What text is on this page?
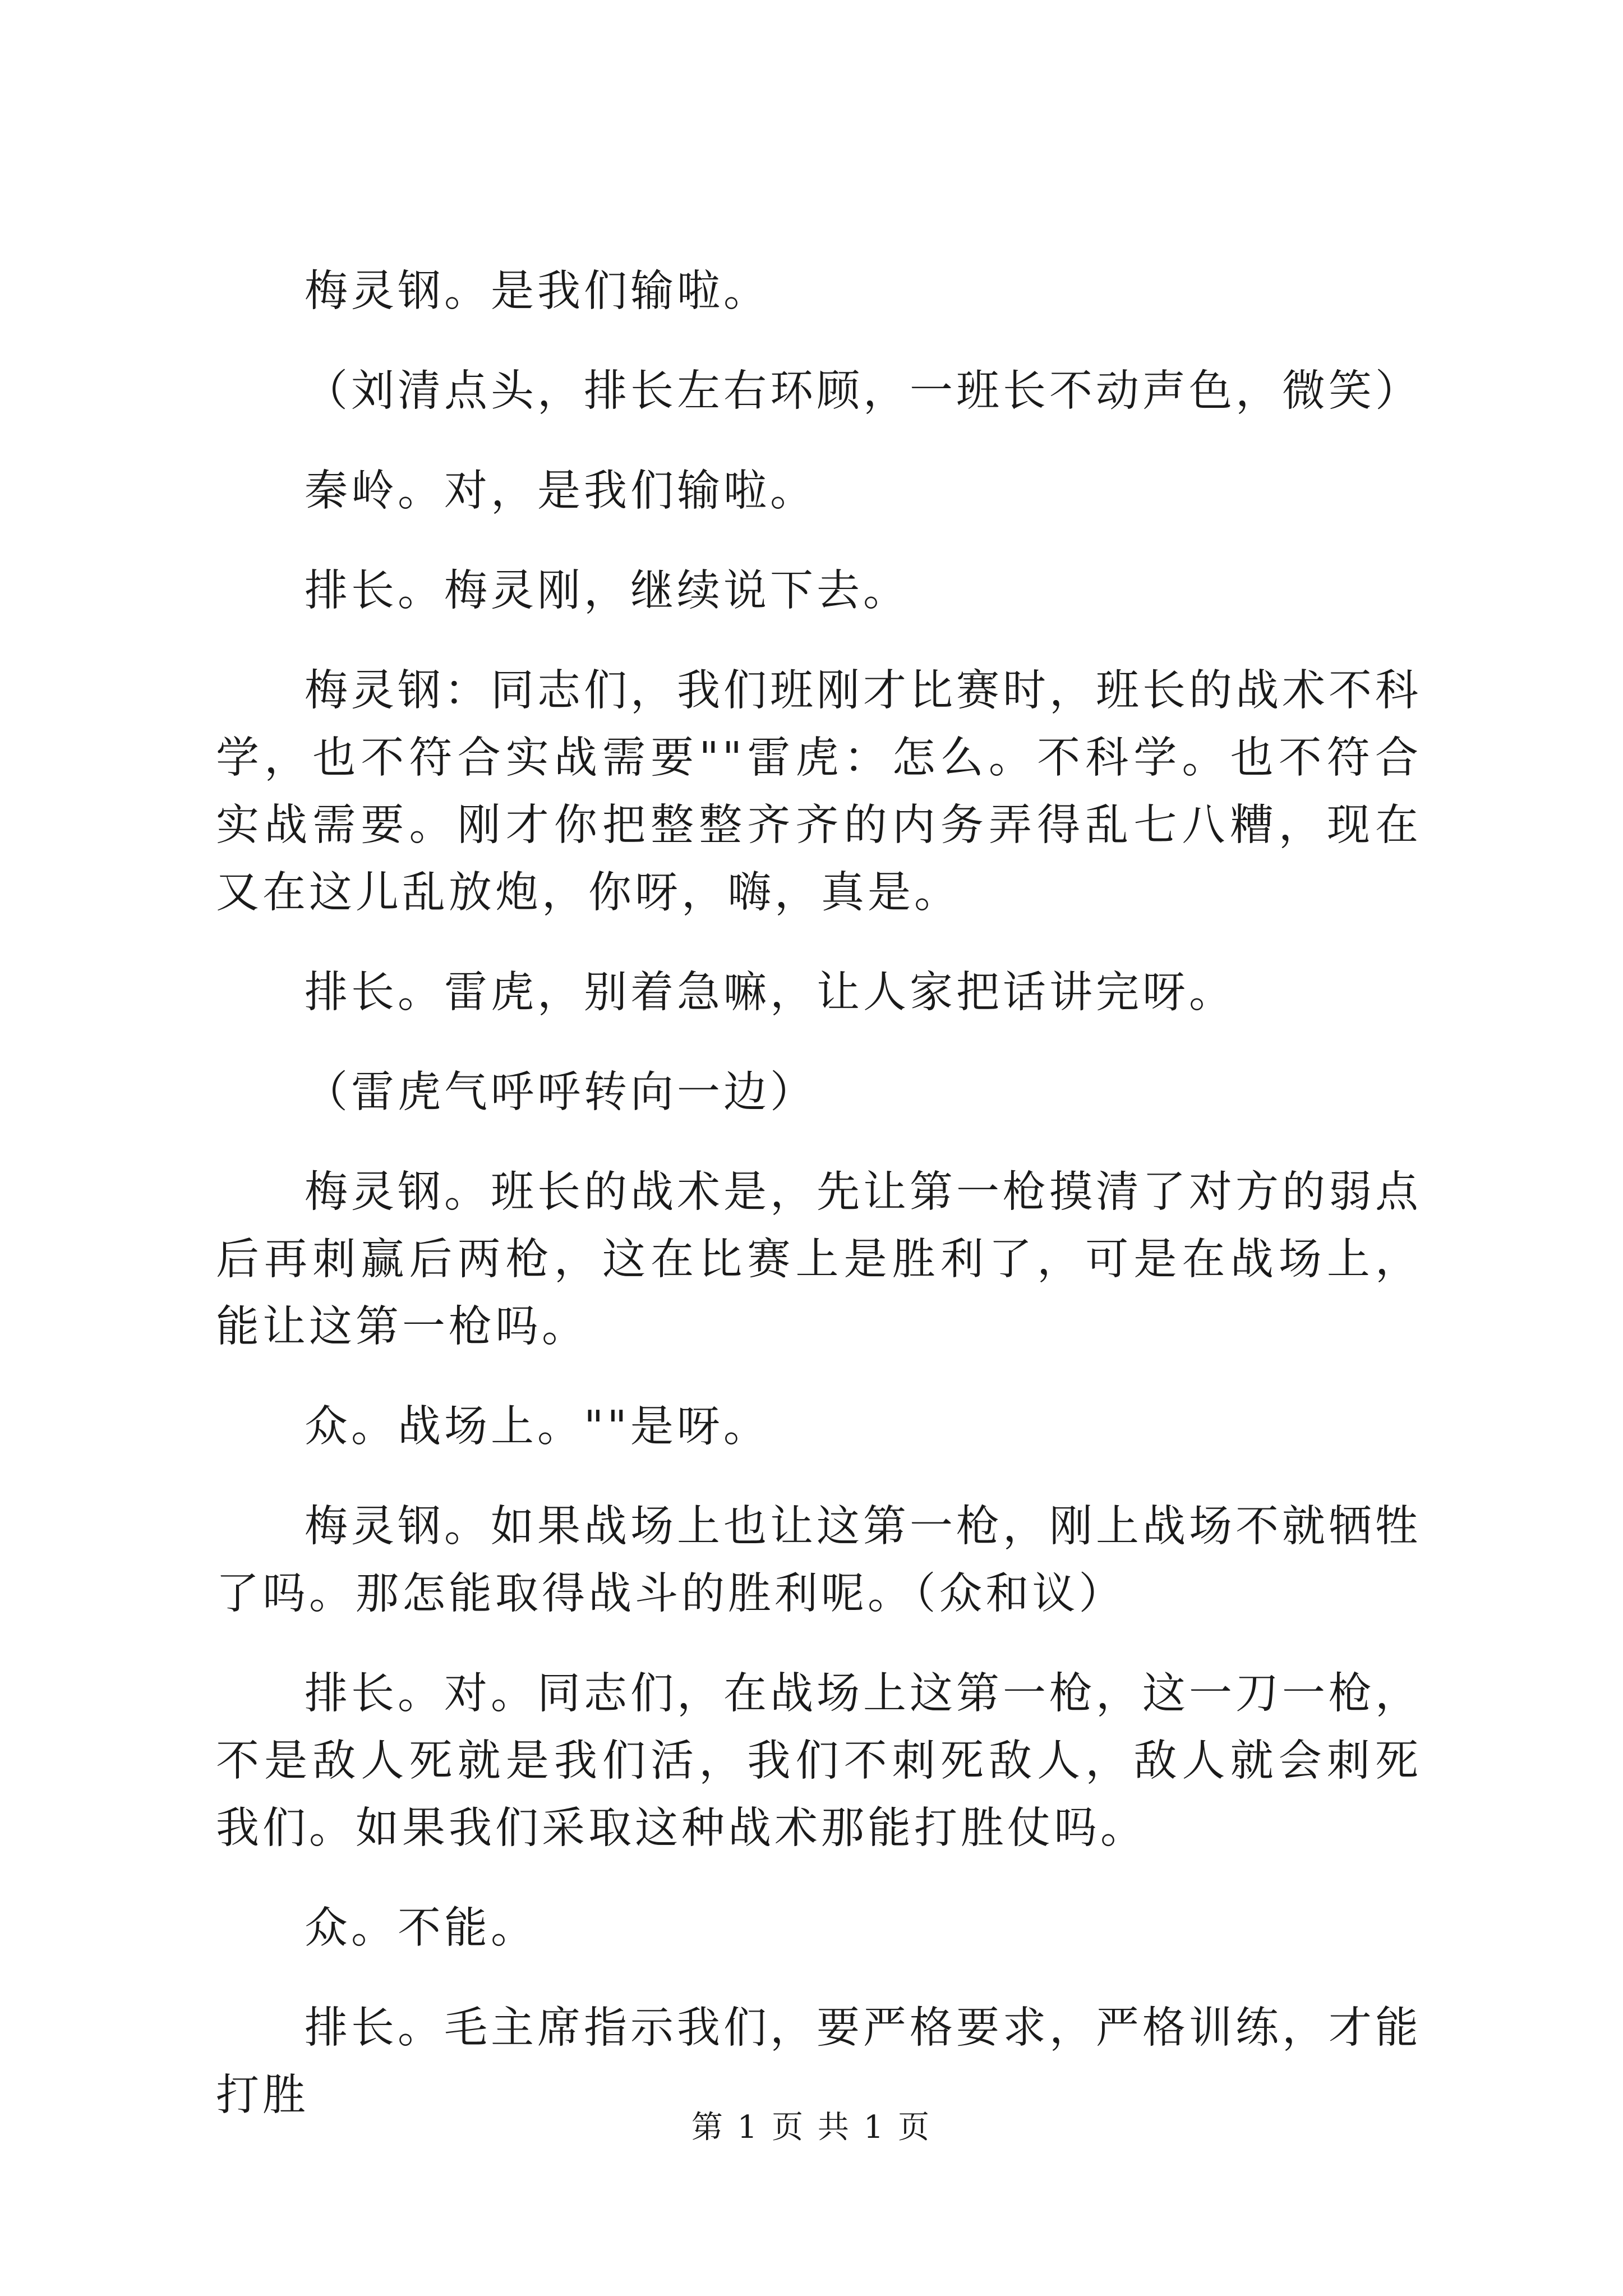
梅灵钢。是我们输啦。

（刘清点头，排长左右环顾，一班长不动声色，微笑）

秦岭。对，是我们输啦。

排长。梅灵刚，继续说下去。

梅灵钢：同志们，我们班刚才比赛时，班长的战术不科学，也不符合实战需要""雷虎：怎么。不科学。也不符合实战需要。刚才你把整整齐齐的内务弄得乱七八糟，现在又在这儿乱放炮，你呀，嗨，真是。

排长。雷虎，别着急嘛，让人家把话讲完呀。

（雷虎气呼呼转向一边）

梅灵钢。班长的战术是，先让第一枪摸清了对方的弱点后再刺赢后两枪，这在比赛上是胜利了，可是在战场上，能让这第一枪吗。

众。战场上。""是呀。

梅灵钢。如果战场上也让这第一枪，刚上战场不就牺牲了吗。那怎能取得战斗的胜利呢。（众和议）

排长。对。同志们，在战场上这第一枪，这一刀一枪，不是敌人死就是我们活，我们不刺死敌人，敌人就会刺死我们。如果我们采取这种战术那能打胜仗吗。

众。不能。

排长。毛主席指示我们，要严格要求，严格训练，才能打胜

第 1 页 共 1 页
